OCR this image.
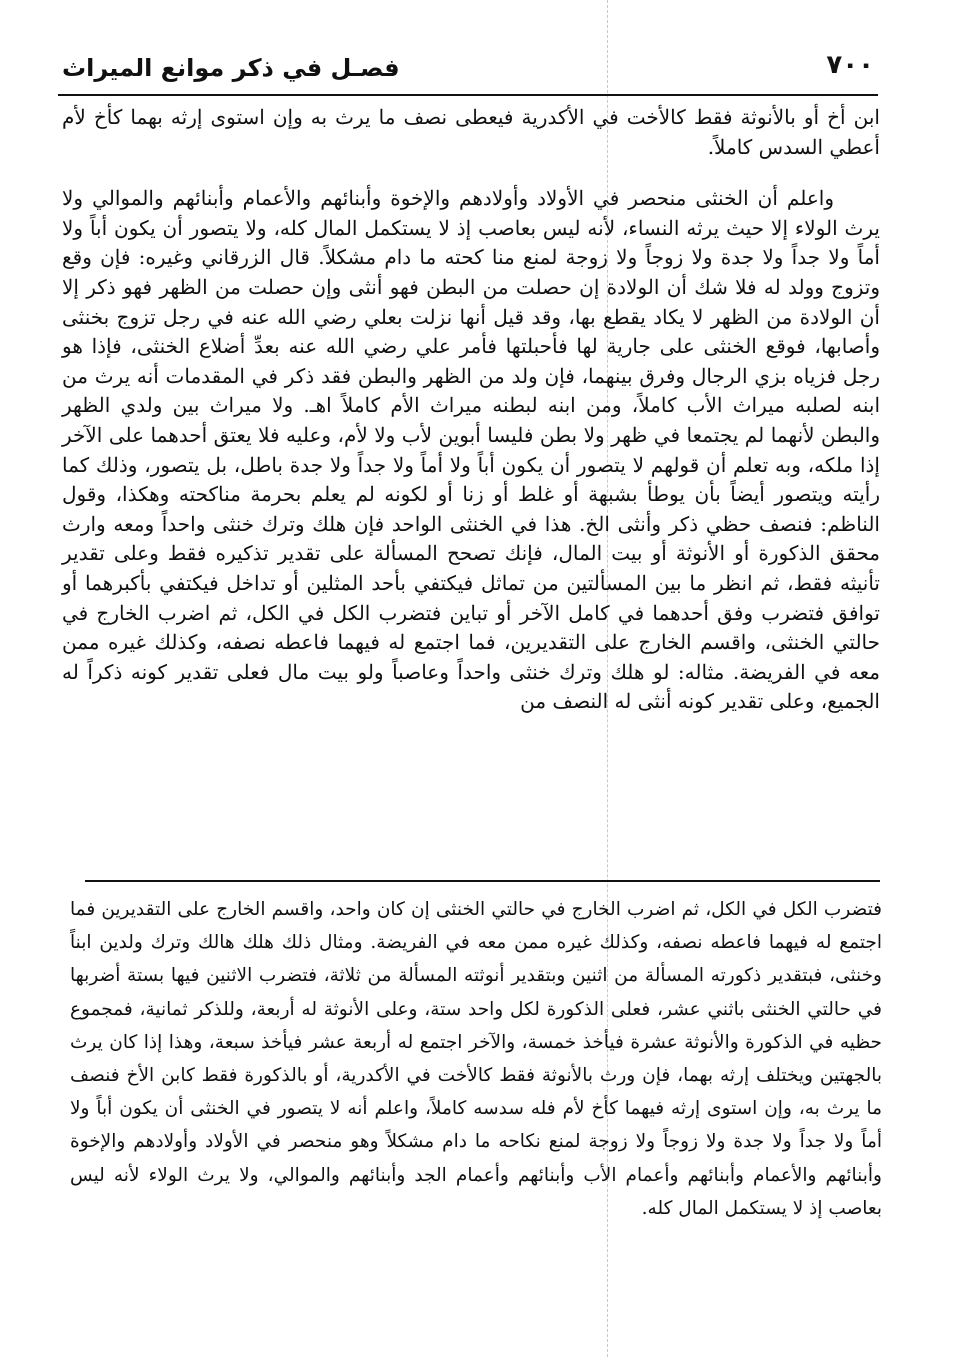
٧٠٠
فصـل في ذكر موانع الميراث

ابن أخ أو بالأنوثة فقط كالأخت في الأكدرية فيعطى نصف ما يرث به وإن استوى إرثه بهما كأخ لأم أعطي السدس كاملاً.

واعلم أن الخنثى منحصر في الأولاد وأولادهم والإخوة وأبنائهم والأعمام وأبنائهم والموالي ولا يرث الولاء إلا حيث يرثه النساء، لأنه ليس بعاصب إذ لا يستكمل المال كله، ولا يتصور أن يكون أباً ولا أماً ولا جداً ولا جدة ولا زوجاً ولا زوجة لمنع منا كحته ما دام مشكلاً. قال الزرقاني وغيره: فإن وقع وتزوج وولد له فلا شك أن الولادة إن حصلت من البطن فهو أنثى وإن حصلت من الظهر فهو ذكر إلا أن الولادة من الظهر لا يكاد يقطع بها، وقد قيل أنها نزلت بعلي رضي الله عنه في رجل تزوج بخنثى وأصابها، فوقع الخنثى على جارية لها فأحبلتها فأمر علي رضي الله عنه بعدِّ أضلاع الخنثى، فإذا هو رجل فزياه بزي الرجال وفرق بينهما، فإن ولد من الظهر والبطن فقد ذكر في المقدمات أنه يرث من ابنه لصلبه ميراث الأب كاملاً، ومن ابنه لبطنه ميراث الأم كاملاً اهـ. ولا ميراث بين ولدي الظهر والبطن لأنهما لم يجتمعا في ظهر ولا بطن فليسا أبوين لأب ولا لأم، وعليه فلا يعتق أحدهما على الآخر إذا ملكه، وبه تعلم أن قولهم لا يتصور أن يكون أباً ولا أماً ولا جداً ولا جدة باطل، بل يتصور، وذلك كما رأيته ويتصور أيضاً بأن يوطأ بشبهة أو غلط أو زنا أو لكونه لم يعلم بحرمة مناكحته وهكذا، وقول الناظم: فنصف حظي ذكر وأنثى الخ. هذا في الخنثى الواحد فإن هلك وترك خنثى واحداً ومعه وارث محقق الذكورة أو الأنوثة أو بيت المال، فإنك تصحح المسألة على تقدير تذكيره فقط وعلى تقدير تأنيثه فقط، ثم انظر ما بين المسألتين من تماثل فيكتفي بأحد المثلين أو تداخل فيكتفي بأكبرهما أو توافق فتضرب وفق أحدهما في كامل الآخر أو تباين فتضرب الكل في الكل، ثم اضرب الخارج في حالتي الخنثى، واقسم الخارج على التقديرين، فما اجتمع له فيهما فاعطه نصفه، وكذلك غيره ممن معه في الفريضة. مثاله: لو هلك وترك خنثى واحداً وعاصباً ولو بيت مال فعلى تقدير كونه ذكراً له الجميع، وعلى تقدير كونه أنثى له النصف من

فتضرب الكل في الكل، ثم اضرب الخارج في حالتي الخنثى إن كان واحد، واقسم الخارج على التقديرين فما اجتمع له فيهما فاعطه نصفه، وكذلك غيره ممن معه في الفريضة. ومثال ذلك هلك هالك وترك ولدين ابناً وخنثى، فبتقدير ذكورته المسألة من اثنين وبتقدير أنوثته المسألة من ثلاثة، فتضرب الاثنين فيها بستة أضربها في حالتي الخنثى باثني عشر، فعلى الذكورة لكل واحد ستة، وعلى الأنوثة له أربعة، وللذكر ثمانية، فمجموع حظيه في الذكورة والأنوثة عشرة فيأخذ خمسة، والآخر اجتمع له أربعة عشر فيأخذ سبعة، وهذا إذا كان يرث بالجهتين ويختلف إرثه بهما، فإن ورث بالأنوثة فقط كالأخت في الأكدرية، أو بالذكورة فقط كابن الأخ فنصف ما يرث به، وإن استوى إرثه فيهما كأخ لأم فله سدسه كاملاً، واعلم أنه لا يتصور في الخنثى أن يكون أباً ولا أماً ولا جداً ولا جدة ولا زوجاً ولا زوجة لمنع نكاحه ما دام مشكلاً وهو منحصر في الأولاد وأولادهم والإخوة وأبنائهم والأعمام وأبنائهم وأعمام الأب وأبنائهم وأعمام الجد وأبنائهم والموالي، ولا يرث الولاء لأنه ليس بعاصب إذ لا يستكمل المال كله.
